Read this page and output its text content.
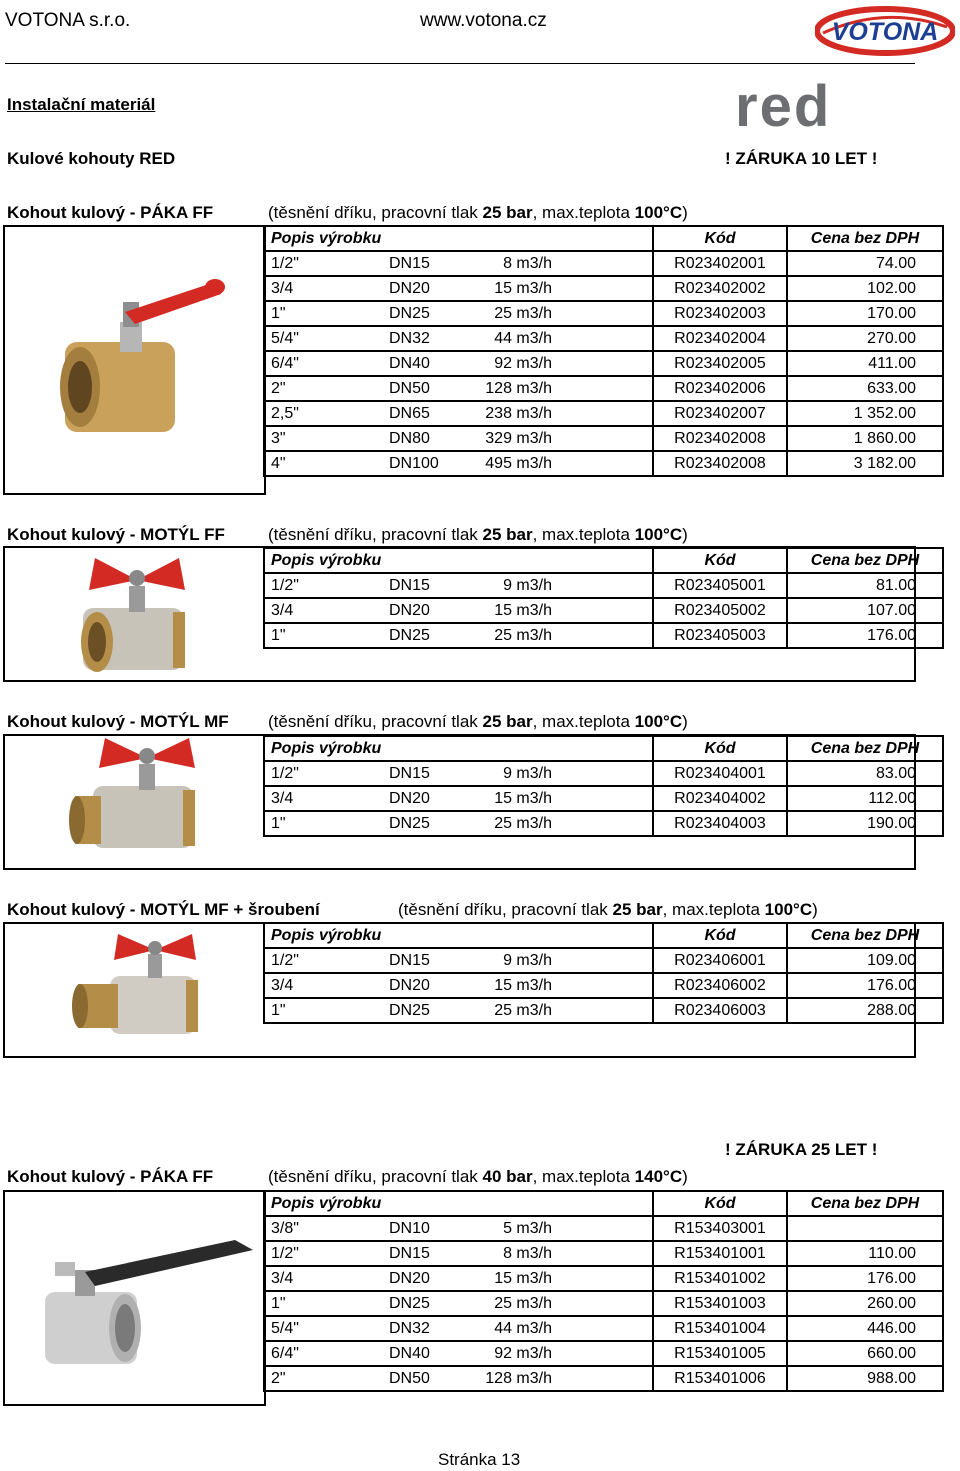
VOTONA s.r.o.	www.votona.cz	VOTONA
red
Instalační materiál
Kulové kohouty RED	! ZÁRUKA 10 LET !
Kohout kulový - PÁKA FF	(těsnění dříku, pracovní tlak 25 bar, max.teplota 100°C)
Popis výrobku	Kód	Cena bez DPH

1/2" DN15 8 m3/h	R023402001	74.00

3/4 DN20 15 m3/h	R023402002	102.00

1" DN25 25 m3/h	R023402003	170.00

5/4" DN32 44 m3/h	R023402004	270.00

6/4" DN40 92 m3/h	R023402005	411.00

2" DN50 128 m3/h	R023402006	633.00

2,5" DN65 238 m3/h	R023402007	1 352.00

3" DN80 329 m3/h	R023402008	1 860.00

4" DN100 495 m3/h	R023402008	3 182.00
Kohout kulový - MOTÝL FF	(těsnění dříku, pracovní tlak 25 bar, max.teplota 100°C)
Popis výrobku	Kód	Cena bez DPH

1/2" DN15 9 m3/h	R023405001	81.00

3/4 DN20 15 m3/h	R023405002	107.00

1" DN25 25 m3/h	R023405003	176.00
Kohout kulový - MOTÝL MF (těsnění dříku, pracovní tlak 25 bar, max.teplota 100°C)
Popis výrobku	Kód	Cena bez DPH

1/2" DN15 9 m3/h	R023404001	83.00

3/4 DN20 15 m3/h	R023404002	112.00

1" DN25 25 m3/h	R023404003	190.00
Kohout kulový - MOTÝL MF + šroubení	(těsnění dříku, pracovní tlak 25 bar, max.teplota 100°C)
Popis výrobku	Kód	Cena bez DPH

1/2" DN15 9 m3/h	R023406001	109.00

3/4 DN20 15 m3/h	R023406002	176.00

1" DN25 25 m3/h	R023406003	288.00
! ZÁRUKA 25 LET !
Kohout kulový - PÁKA FF	(těsnění dříku, pracovní tlak 40 bar, max.teplota 140°C)
Popis výrobku	Kód	Cena bez DPH

3/8" DN10 5 m3/h	R153403001	

1/2" DN15 8 m3/h	R153401001	110.00

3/4 DN20 15 m3/h	R153401002	176.00

1" DN25 25 m3/h	R153401003	260.00

5/4" DN32 44 m3/h	R153401004	446.00

6/4" DN40 92 m3/h	R153401005	660.00

2" DN50 128 m3/h	R153401006	988.00
Stránka 13
